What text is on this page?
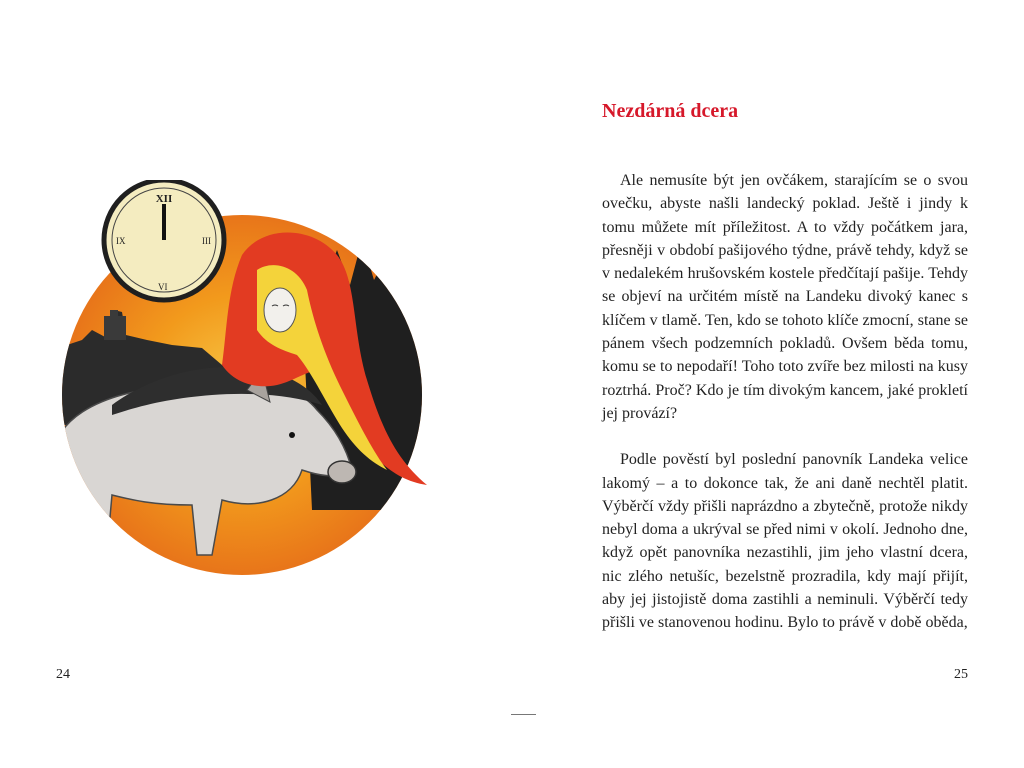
XII
IX	III
VI
24
Nezdárná dcera

Ale nemusíte být jen ovčákem, starajícím se o svou ovečku, abyste našli landecký poklad. Ještě i jindy k tomu můžete mít příležitost. A to vždy počátkem jara, přesněji v období pašijového týdne, právě tehdy, když se v nedalekém hrušovském kostele předčítají pašije. Tehdy se objeví na určitém místě na Landeku divoký kanec s klíčem v tlamě. Ten, kdo se tohoto klíče zmocní, stane se pánem všech podzemních pokladů. Ovšem běda tomu, komu se to nepodaří! Toho toto zvíře bez milosti na kusy roztrhá. Proč? Kdo je tím divokým kancem, jaké prokletí jej provází?

Podle pověstí byl poslední panovník Landeka velice lakomý – a to dokonce tak, že ani daně nechtěl platit. Výběrčí vždy přišli naprázdno a zbytečně, protože nikdy nebyl doma a ukrýval se před nimi v okolí. Jednoho dne, když opět panovníka nezastihli, jim jeho vlastní dcera, nic zlého netušíc, bezelstně prozradila, kdy mají přijít, aby jej jistojistě doma zastihli a neminuli. Výběrčí tedy přišli ve stanovenou hodinu. Bylo to právě v době oběda,

25
